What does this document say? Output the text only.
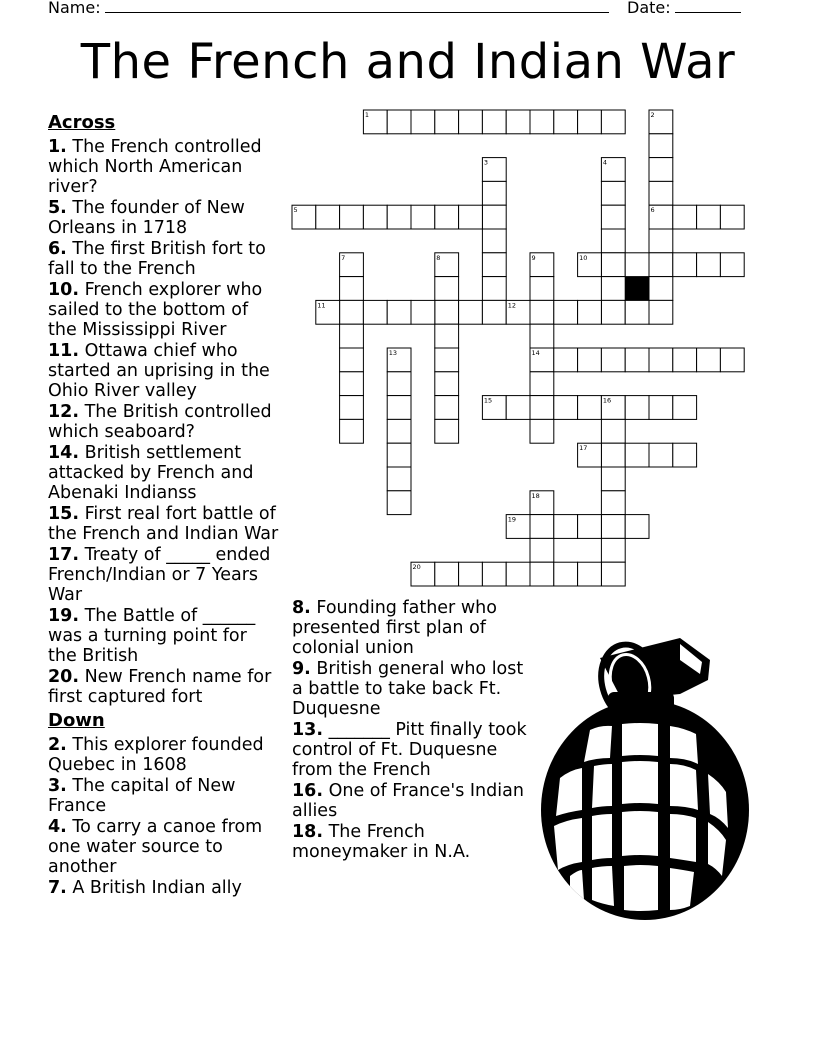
Name:	Date:
The French and Indian War
Across
1. The French controlled which North American river?
5. The founder of New Orleans in 1718
6. The first British fort to fall to the French
10. French explorer who sailed to the bottom of the Mississippi River
11. Ottawa chief who started an uprising in the Ohio River valley
12. The British controlled which seaboard?
14. British settlement attacked by French and Abenaki Indianss
15. First real fort battle of the French and Indian War
17. Treaty of _____ ended French/Indian or 7 Years War
19. The Battle of ______ was a turning point for the British
20. New French name for first captured fort
Down
2. This explorer founded Quebec in 1608
3. The capital of New France
4. To carry a canoe from one water source to another
7. A British Indian ally
8. Founding father who presented first plan of colonial union
9. British general who lost a battle to take back Ft. Duquesne
13. _______ Pitt finally took control of Ft. Duquesne from the French
16. One of France's Indian allies
18. The French moneymaker in N.A.
1	2
6
3	4
5
7	8	9
14
10
11	12
13
15	16
17
18
19
20
